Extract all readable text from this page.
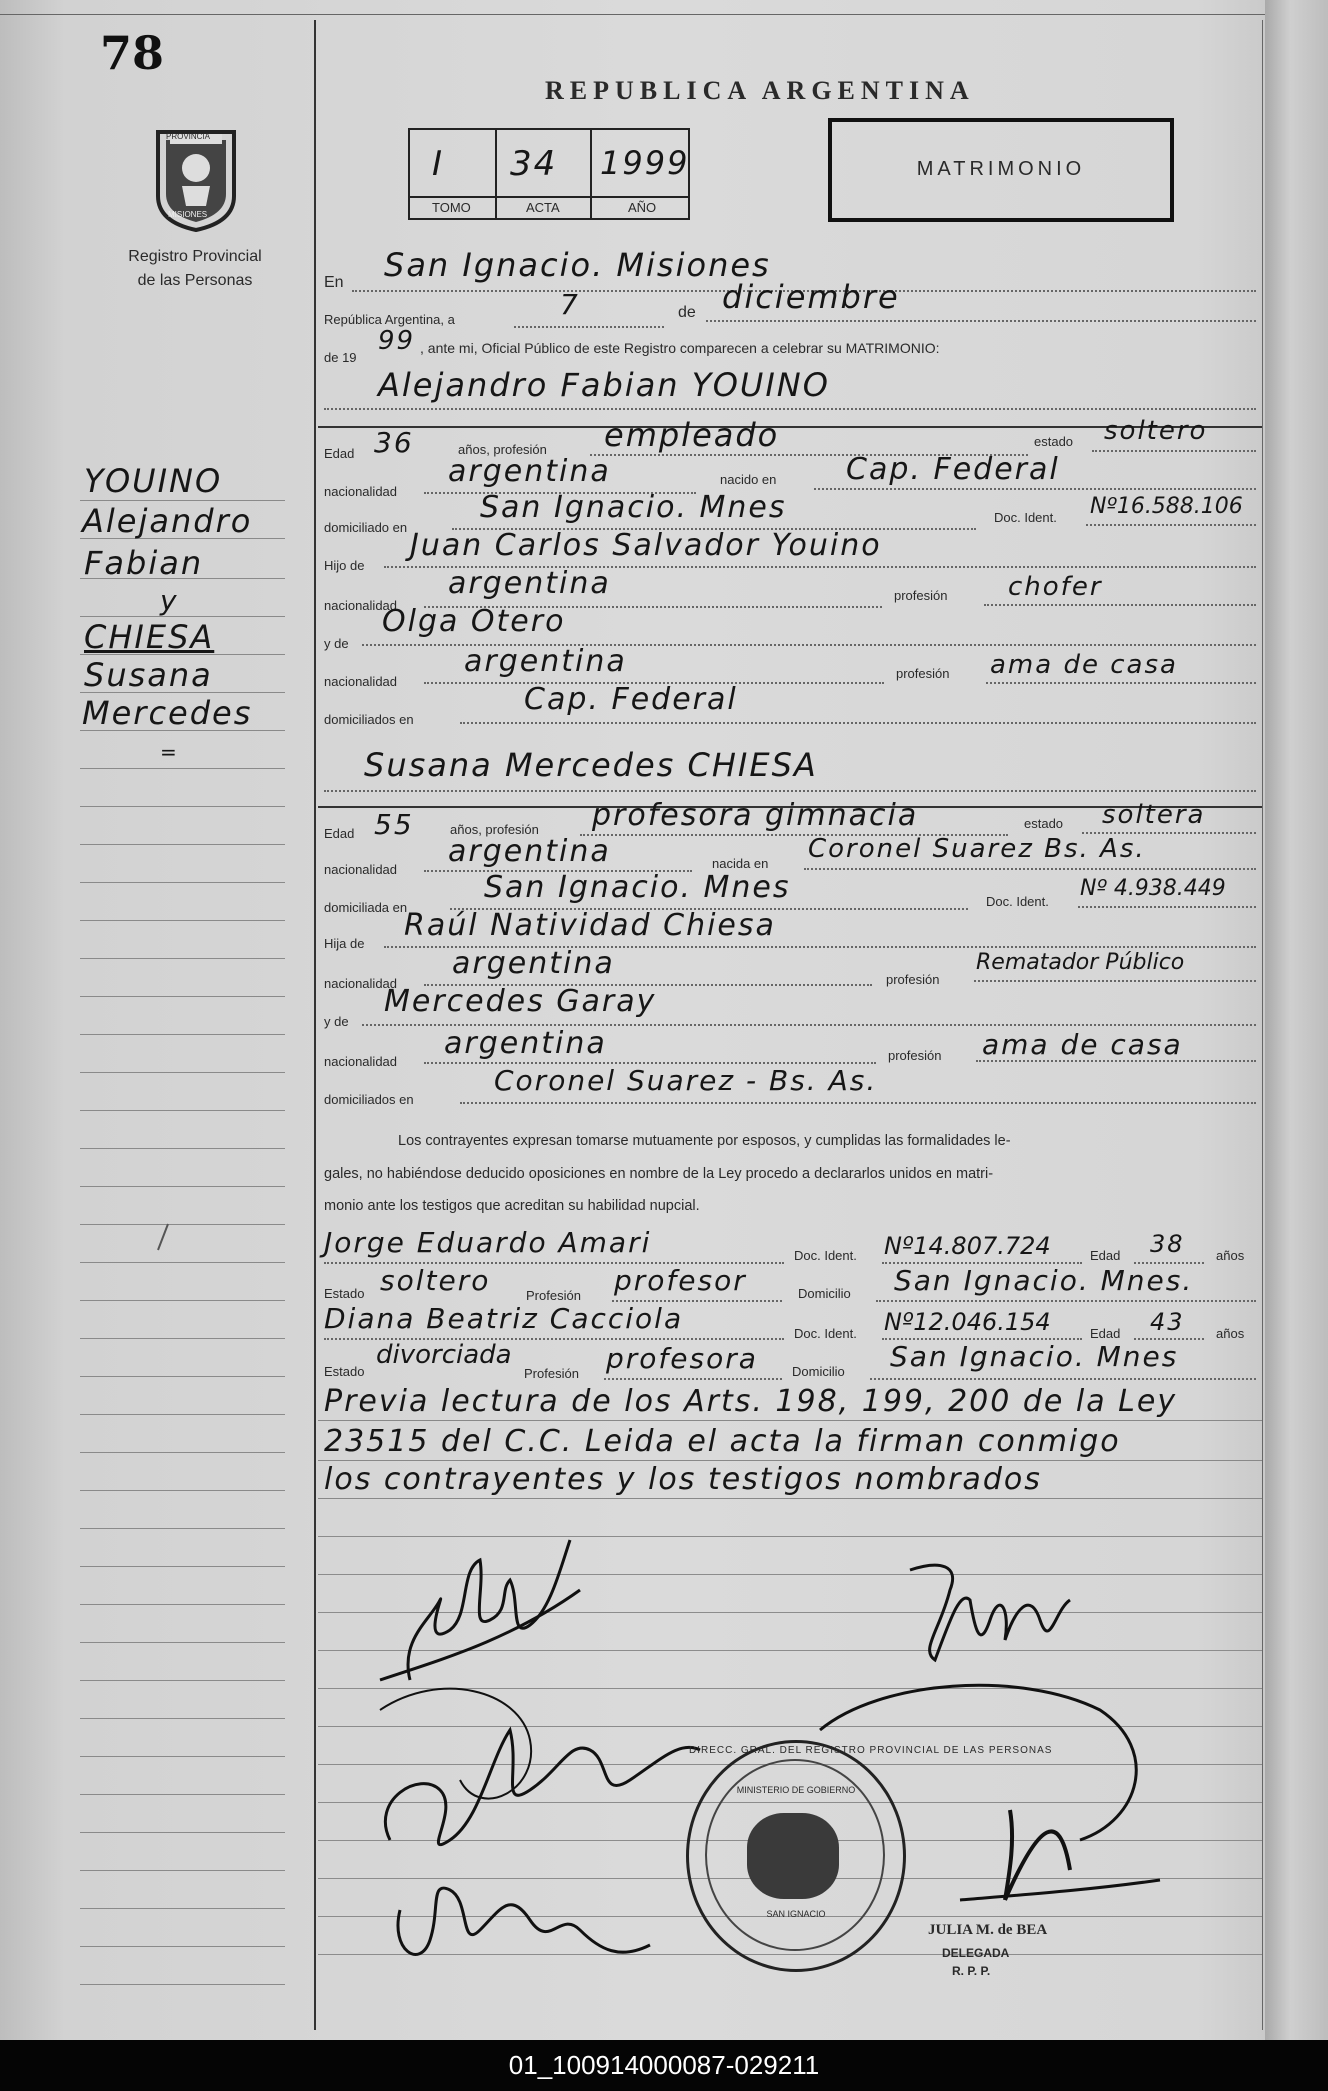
78
PROVINCIA
MISIONES
Registro Provincial
de las Personas
REPUBLICA ARGENTINA
I 34 1999
TOMO	ACTA	AÑO
MATRIMONIO
YOUINO
Alejandro
Fabian
y
CHIESA
Susana
Mercedes
=
En San Ignacio. Misiones
República Argentina, a	7	de diciembre
de 19
99 , ante mi, Oficial Público de este Registro comparecen a celebrar su MATRIMONIO:
Alejandro Fabian YOUINO
Edad 36	años, profesión empleado	estado soltero
nacionalidad
argentina	nacido en Cap. Federal
domiciliado en
San Ignacio. Mnes	Doc. Ident. Nº16.588.106
Hijo de
Juan Carlos Salvador Youino
nacionalidad
argentina	profesión chofer
y de
Olga Otero
nacionalidad
argentina	profesión ama de casa
domiciliados en
Cap. Federal
Susana Mercedes CHIESA
Edad 55	años, profesión profesora gimnacia	estado soltera
nacionalidad
argentina	nacida en Coronel Suarez Bs. As.
domiciliada en
San Ignacio. Mnes	Doc. Ident.
Nº 4.938.449
Hija de
Raúl Natividad Chiesa
nacionalidad
argentina	profesión
Rematador Público
y de
Mercedes Garay
nacionalidad
argentina	profesión ama de casa
domiciliados en
Coronel Suarez - Bs. As.
Los contrayentes expresan tomarse mutuamente por esposos, y cumplidas las formalidades le-
gales, no habiéndose deducido oposiciones en nombre de la Ley procedo a declararlos unidos en matri-
monio ante los testigos que acreditan su habilidad nupcial.
Jorge Eduardo Amari	Doc. Ident. Nº14.807.724	Edad 38 años
Estado soltero	Profesión profesor	Domicilio San Ignacio. Mnes.
Diana Beatriz Cacciola	Doc. Ident. Nº12.046.154	Edad 43 años
Estado
divorciada
Profesión profesora	Domicilio San Ignacio. Mnes
Previa lectura de los Arts. 198, 199, 200 de la Ley
23515 del C.C. Leida el acta la firman conmigo
los contrayentes y los testigos nombrados
DIRECC. GRAL. DEL REGISTRO PROVINCIAL DE LAS PERSONAS
MINISTERIO DE GOBIERNO
SAN IGNACIO
JULIA M. de BEA
DELEGADA
R. P. P.
01_100914000087-029211
